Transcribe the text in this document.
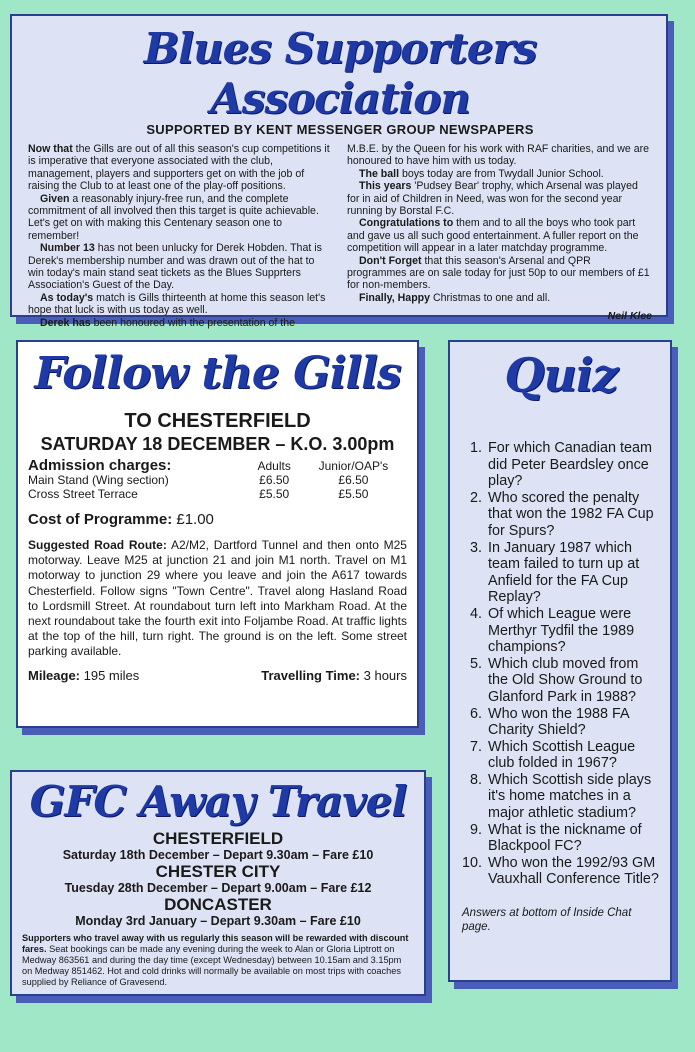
Blues Supporters Association
SUPPORTED BY KENT MESSENGER GROUP NEWSPAPERS

Now that the Gills are out of all this season's cup competitions it is imperative that everyone associated with the club, management, players and supporters get on with the job of raising the Club to at least one of the play-off positions.

Given a reasonably injury-free run, and the complete commitment of all involved then this target is quite achievable. Let's get on with making this Centenary season one to remember!

Number 13 has not been unlucky for Derek Hobden. That is Derek's membership number and was drawn out of the hat to win today's main stand seat tickets as the Blues Supprters Association's Guest of the Day.

As today's match is Gills thirteenth at home this season let's hope that luck is with us today as well.

Derek has been honoured with the presentation of the

M.B.E. by the Queen for his work with RAF charities, and we are honoured to have him with us today.

The ball boys today are from Twydall Junior School.

This years 'Pudsey Bear' trophy, which Arsenal was played for in aid of Children in Need, was won for the second year running by Borstal F.C.

Congratulations to them and to all the boys who took part and gave us all such good entertainment. A fuller report on the competition will appear in a later matchday programme.

Don't Forget that this season's Arsenal and QPR programmes are on sale today for just 50p to our members of £1 for non-members.

Finally, Happy Christmas to one and all.

Neil Klee
Follow the Gills
TO CHESTERFIELD
SATURDAY 18 DECEMBER – K.O. 3.00pm
Admission charges:	Adults	Junior/OAP's
Main Stand (Wing section)	£6.50	£6.50
Cross Street Terrace	£5.50	£5.50
Cost of Programme: £1.00
Suggested Road Route: A2/M2, Dartford Tunnel and then onto M25 motorway. Leave M25 at junction 21 and join M1 north. Travel on M1 motorway to junction 29 where you leave and join the A617 towards Chesterfield. Follow signs "Town Centre". Travel along Hasland Road to Lordsmill Street. At roundabout turn left into Markham Road. At the next roundabout take the fourth exit into Foljambe Road. At traffic lights at the top of the hill, turn right. The ground is on the left. Some street parking available.
Mileage: 195 miles	Travelling Time: 3 hours
Quiz
1. For which Canadian team did Peter Beardsley once play?
2. Who scored the penalty that won the 1982 FA Cup for Spurs?
3. In January 1987 which team failed to turn up at Anfield for the FA Cup Replay?
4. Of which League were Merthyr Tydfil the 1989 champions?
5. Which club moved from the Old Show Ground to Glanford Park in 1988?
6. Who won the 1988 FA Charity Shield?
7. Which Scottish League club folded in 1967?
8. Which Scottish side plays it's home matches in a major athletic stadium?
9. What is the nickname of Blackpool FC?
10. Who won the 1992/93 GM Vauxhall Conference Title?
Answers at bottom of Inside Chat page.
GFC Away Travel

CHESTERFIELD

Saturday 18th December – Depart 9.30am – Fare £10

CHESTER CITY

Tuesday 28th December – Depart 9.00am – Fare £12

DONCASTER

Monday 3rd January – Depart 9.30am – Fare £10

Supporters who travel away with us regularly this season will be rewarded with discount fares. Seat bookings can be made any evening during the week to Alan or Gloria Liptrott on Medway 863561 and during the day time (except Wednesday) between 10.15am and 3.15pm on Medway 851462. Hot and cold drinks will normally be available on most trips with coaches supplied by Reliance of Gravesend.
